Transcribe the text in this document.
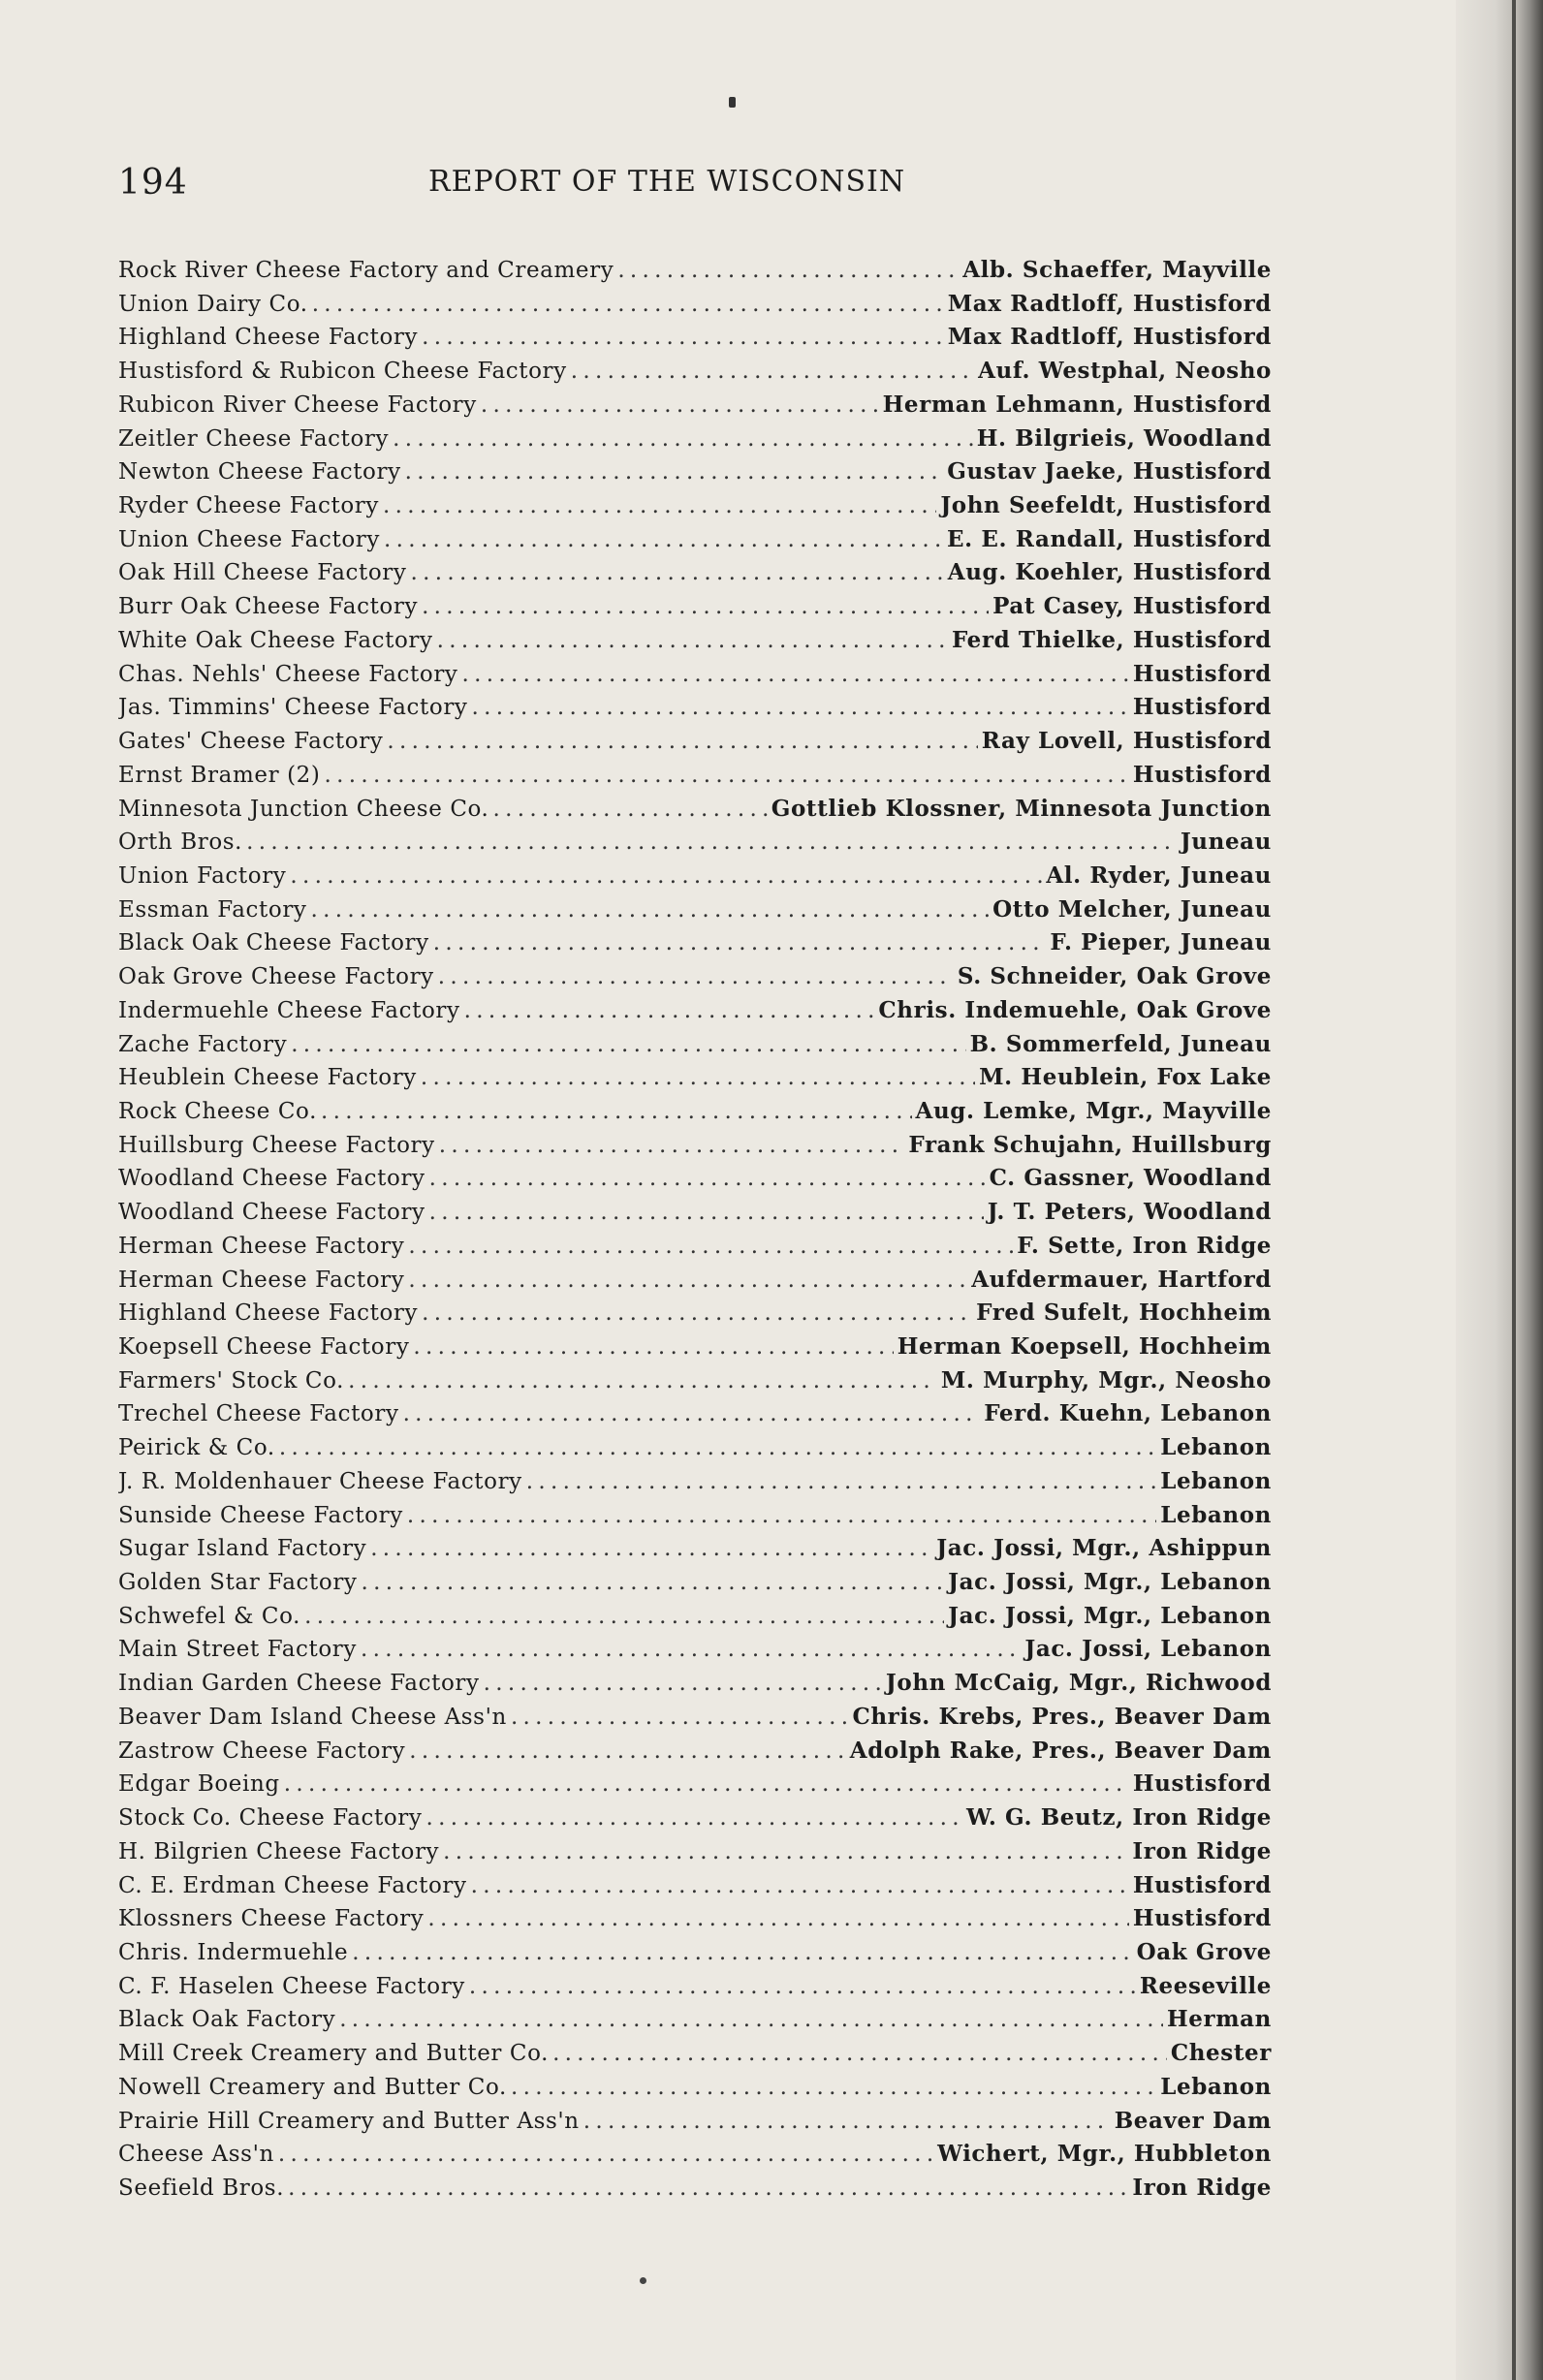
194	REPORT OF THE WISCONSIN
Rock River Cheese Factory and Creamery . . .	Alb. Schaeffer, Mayville
Union Dairy Co. . . .	Max Radtloff, Hustisford
Highland Cheese Factory . . .	Max Radtloff, Hustisford
Hustisford & Rubicon Cheese Factory . . .	Auf. Westphal, Neosho
Rubicon River Cheese Factory . . .	Herman Lehmann, Hustisford
Zeitler Cheese Factory . . .	H. Bilgrieis, Woodland
Newton Cheese Factory . . .	Gustav Jaeke, Hustisford
Ryder Cheese Factory . . .	John Seefeldt, Hustisford
Union Cheese Factory . . .	E. E. Randall, Hustisford
Oak Hill Cheese Factory . . .	Aug. Koehler, Hustisford
Burr Oak Cheese Factory . . .	Pat Casey, Hustisford
White Oak Cheese Factory . . .	Ferd Thielke, Hustisford
Chas. Nehls' Cheese Factory . . .	Hustisford
Jas. Timmins' Cheese Factory . . .	Hustisford
Gates' Cheese Factory . . .	Ray Lovell, Hustisford
Ernst Bramer (2) . . .	Hustisford
Minnesota Junction Cheese Co. . . .	Gottlieb Klossner, Minnesota Junction
Orth Bros. . . .	Juneau
Union Factory . . .	Al. Ryder, Juneau
Essman Factory . . .	Otto Melcher, Juneau
Black Oak Cheese Factory . . .	F. Pieper, Juneau
Oak Grove Cheese Factory . . .	S. Schneider, Oak Grove
Indermuehle Cheese Factory . . .	Chris. Indemuehle, Oak Grove
Zache Factory . . .	B. Sommerfeld, Juneau
Heublein Cheese Factory . . .	M. Heublein, Fox Lake
Rock Cheese Co. . . .	Aug. Lemke, Mgr., Mayville
Huillsburg Cheese Factory . . .	Frank Schujahn, Huillsburg
Woodland Cheese Factory . . .	C. Gassner, Woodland
Woodland Cheese Factory . . .	J. T. Peters, Woodland
Herman Cheese Factory . . .	F. Sette, Iron Ridge
Herman Cheese Factory . . .	Aufdermauer, Hartford
Highland Cheese Factory . . .	Fred Sufelt, Hochheim
Koepsell Cheese Factory . . .	Herman Koepsell, Hochheim
Farmers' Stock Co. . . .	M. Murphy, Mgr., Neosho
Trechel Cheese Factory . . .	Ferd. Kuehn, Lebanon
Peirick & Co. . . .	Lebanon
J. R. Moldenhauer Cheese Factory . . .	Lebanon
Sunside Cheese Factory . . .	Lebanon
Sugar Island Factory . . .	Jac. Jossi, Mgr., Ashippun
Golden Star Factory . . .	Jac. Jossi, Mgr., Lebanon
Schwefel & Co. . . .	Jac. Jossi, Mgr., Lebanon
Main Street Factory . . .	Jac. Jossi, Lebanon
Indian Garden Cheese Factory . . .	John McCaig, Mgr., Richwood
Beaver Dam Island Cheese Ass'n . . .	Chris. Krebs, Pres., Beaver Dam
Zastrow Cheese Factory . . .	Adolph Rake, Pres., Beaver Dam
Edgar Boeing . . .	Hustisford
Stock Co. Cheese Factory . . .	W. G. Beutz, Iron Ridge
H. Bilgrien Cheese Factory . . .	Iron Ridge
C. E. Erdman Cheese Factory . . .	Hustisford
Klossners Cheese Factory . . .	Hustisford
Chris. Indermuehle . . .	Oak Grove
C. F. Haselen Cheese Factory . . .	Reeseville
Black Oak Factory . . .	Herman
Mill Creek Creamery and Butter Co. . . .	Chester
Nowell Creamery and Butter Co. . . .	Lebanon
Prairie Hill Creamery and Butter Ass'n . . .	Beaver Dam
Cheese Ass'n . . .	Wichert, Mgr., Hubbleton
Seefield Bros. . . .	Iron Ridge
